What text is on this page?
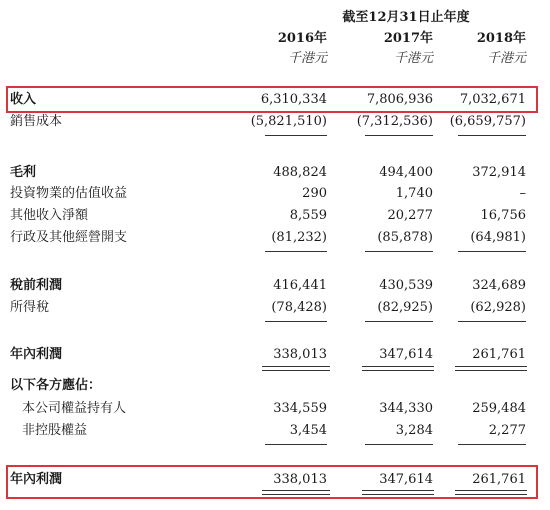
截至12月31日止年度
2016年	2017年	2018年
千港元	千港元	千港元
收入	6,310,334	7,806,936	7,032,671
銷售成本	(5,821,510)	(7,312,536)	(6,659,757)
毛利	488,824	494,400	372,914
投資物業的估值收益	290	1,740	–
其他收入淨額	8,559	20,277	16,756
行政及其他經營開支	(81,232)	(85,878)	(64,981)
稅前利潤	416,441	430,539	324,689
所得稅	(78,428)	(82,925)	(62,928)
年內利潤	338,013	347,614	261,761
以下各方應佔：
本公司權益持有人	334,559	344,330	259,484
非控股權益	3,454	3,284	2,277
年內利潤	338,013	347,614	261,761
